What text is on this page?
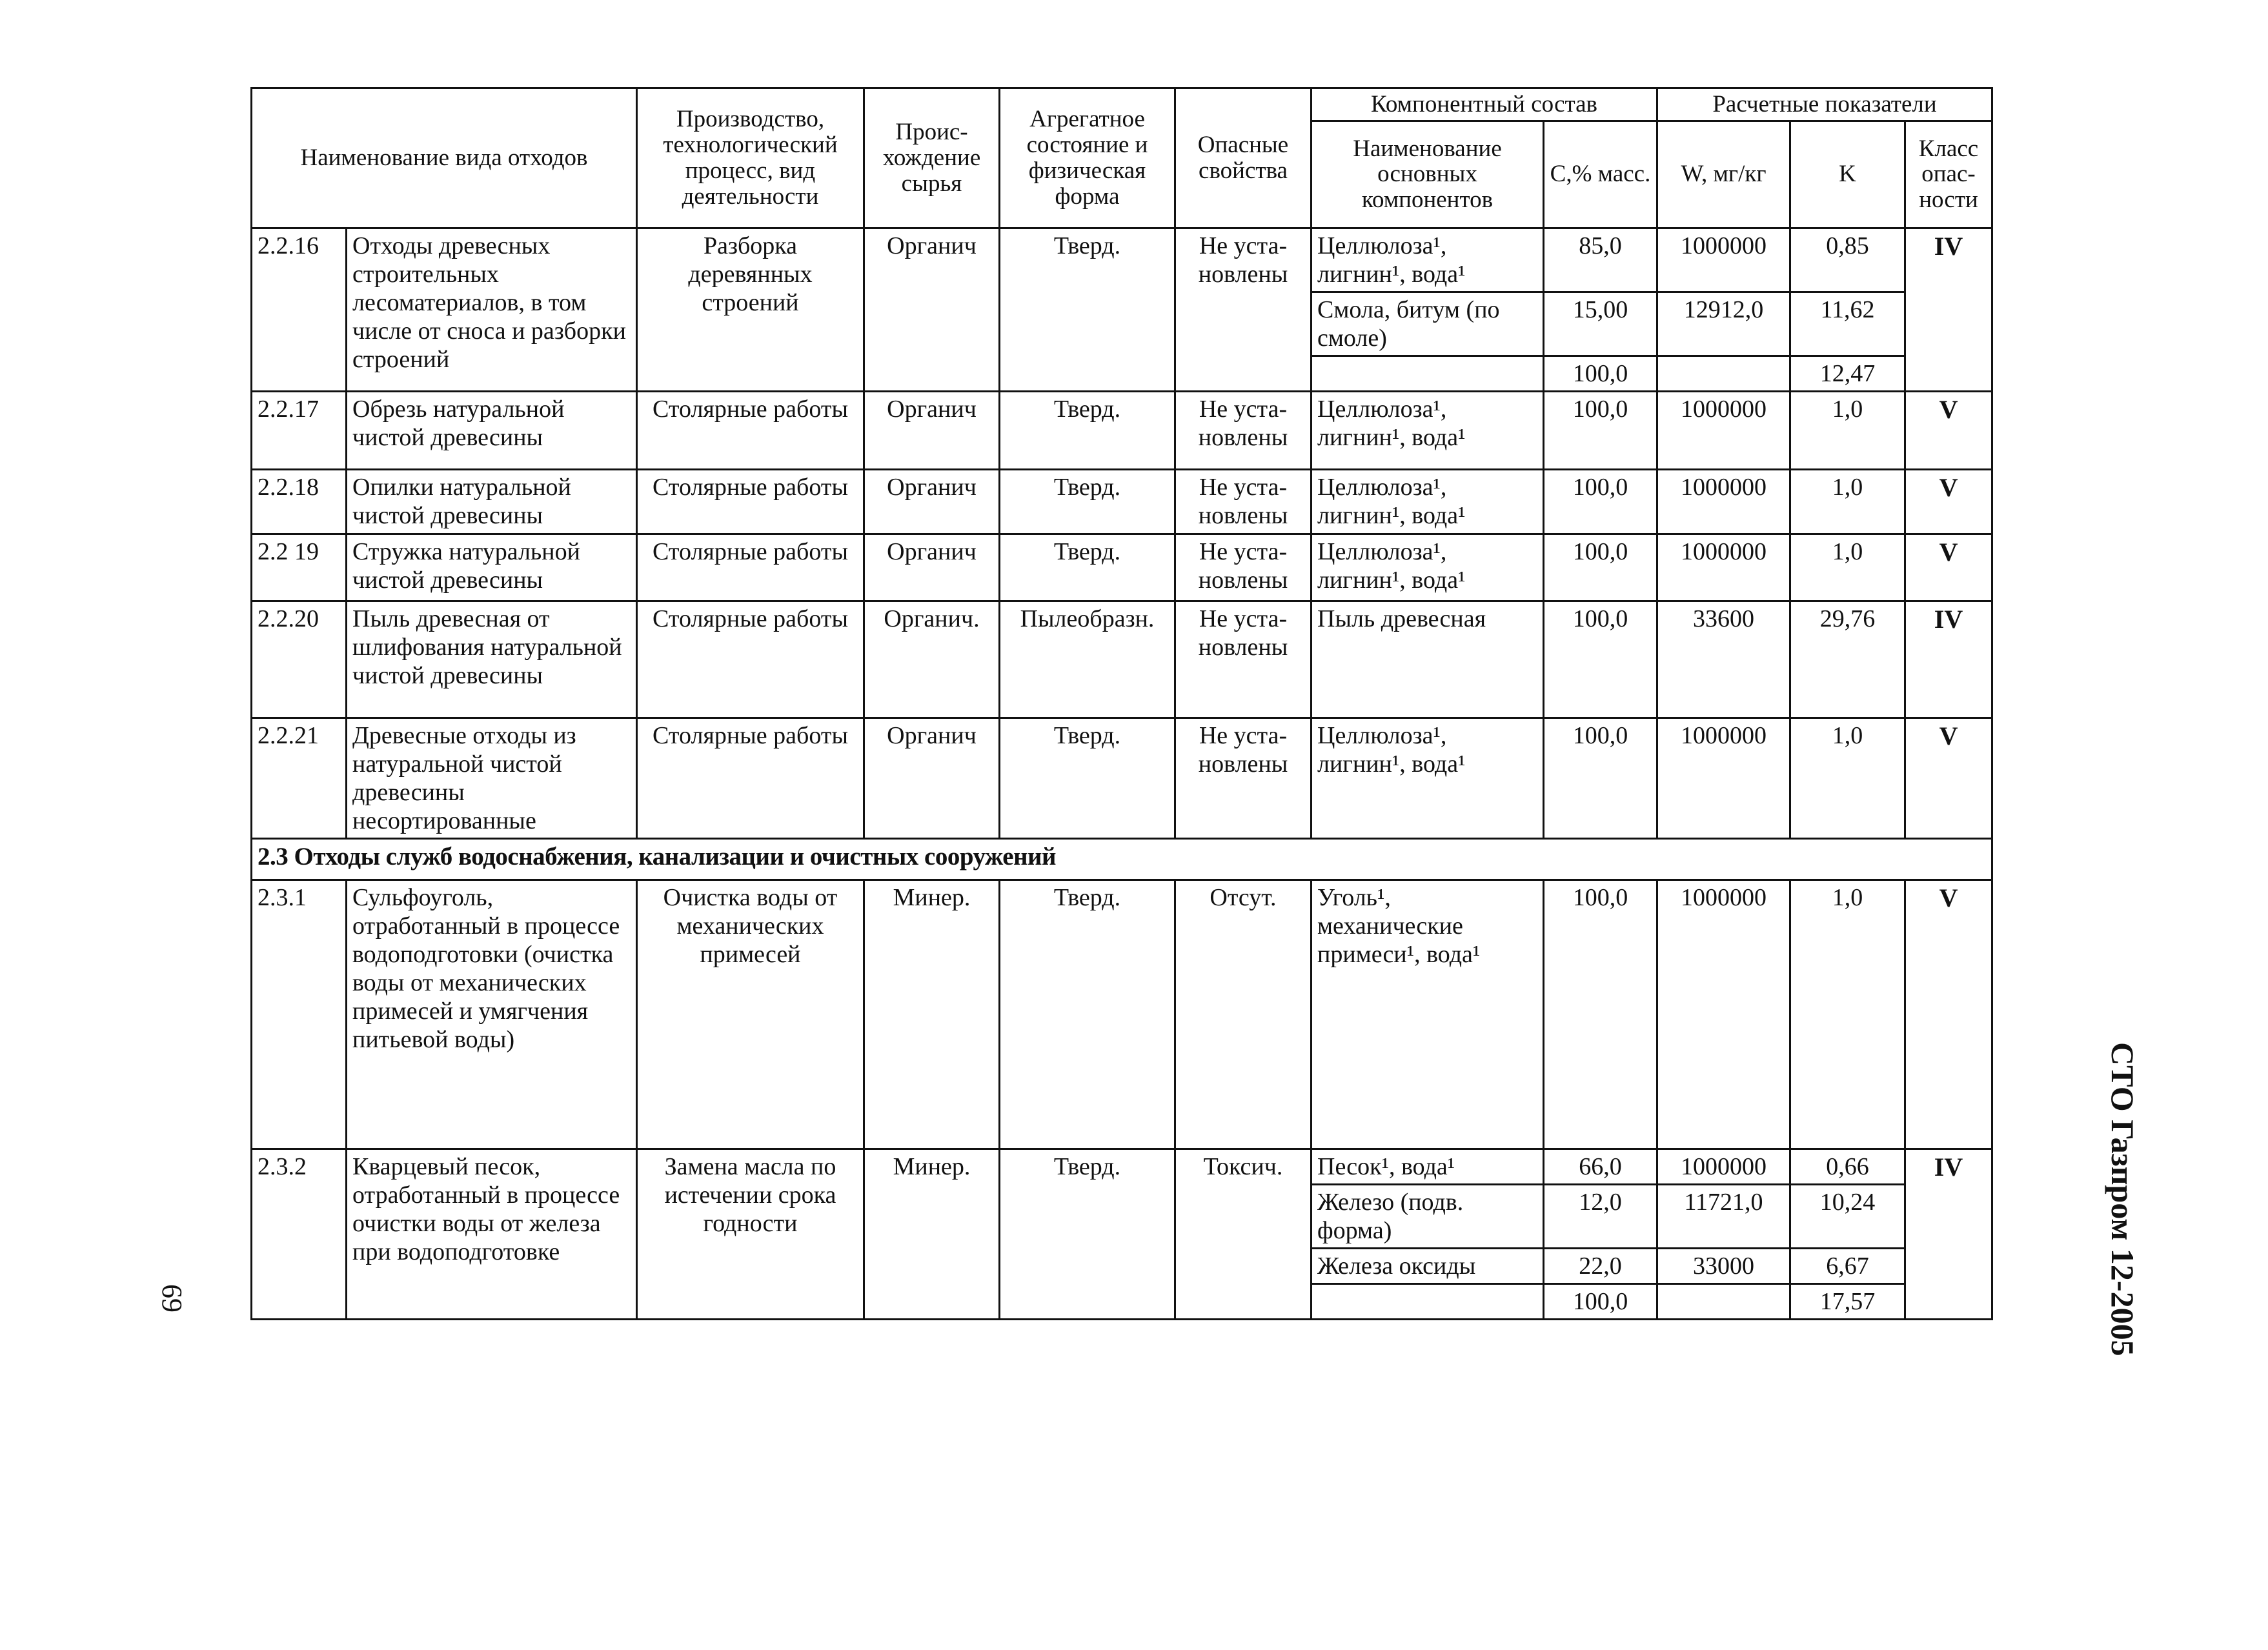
Наименование вида отходов		Производство, технологический процесс, вид деятельности	Проис- хождение сырья	Агрегатное состояние и физическая форма	Опасные свойства	Компонентный состав		Расчетные показатели		
						Наименование основных компонентов	С,% масс.	W, мг/кг	K	Класс опас- ности
2.2.16	Отходы древесных строительных лесоматериалов, в том числе от сноса и разборки строений	Разборка деревянных строений	Органич	Тверд.	Не уста- новлены	Целлюлоза¹, лигнин¹, вода¹	85,0	1000000	0,85	IV
						Смола, битум (по смоле)	15,00	12912,0	11,62	
							100,0		12,47	
2.2.17	Обрезь натуральной чистой древесины	Столярные работы	Органич	Тверд.	Не уста- новлены	Целлюлоза¹, лигнин¹, вода¹	100,0	1000000	1,0	V
2.2.18	Опилки натуральной чистой древесины	Столярные работы	Органич	Тверд.	Не уста- новлены	Целлюлоза¹, лигнин¹, вода¹	100,0	1000000	1,0	V
2.2 19	Стружка натуральной чистой древесины	Столярные работы	Органич	Тверд.	Не уста- новлены	Целлюлоза¹, лигнин¹, вода¹	100,0	1000000	1,0	V
2.2.20	Пыль древесная от шлифования натуральной чистой древесины	Столярные работы	Органич.	Пылеобразн.	Не уста- новлены	Пыль древесная	100,0	33600	29,76	IV
2.2.21	Древесные отходы из натуральной чистой древесины несортированные	Столярные работы	Органич	Тверд.	Не уста- новлены	Целлюлоза¹, лигнин¹, вода¹	100,0	1000000	1,0	V
2.3 Отходы служб водоснабжения, канализации и очистных сооружений										
2.3.1	Сульфоуголь, отработанный в процессе водоподготовки (очистка воды от механических примесей и умягчения питьевой воды)	Очистка воды от механических примесей	Минер.	Тверд.	Отсут.	Уголь¹, механические примеси¹, вода¹	100,0	1000000	1,0	V
2.3.2	Кварцевый песок, отработанный в процессе очистки воды от железа при водоподготовке	Замена масла по истечении срока годности	Минер.	Тверд.	Токсич.	Песок¹, вода¹	66,0	1000000	0,66	IV
						Железо (подв. форма)	12,0	11721,0	10,24	
						Железа оксиды	22,0	33000	6,67	
							100,0		17,57	
69	СТО Газпром 12-2005
